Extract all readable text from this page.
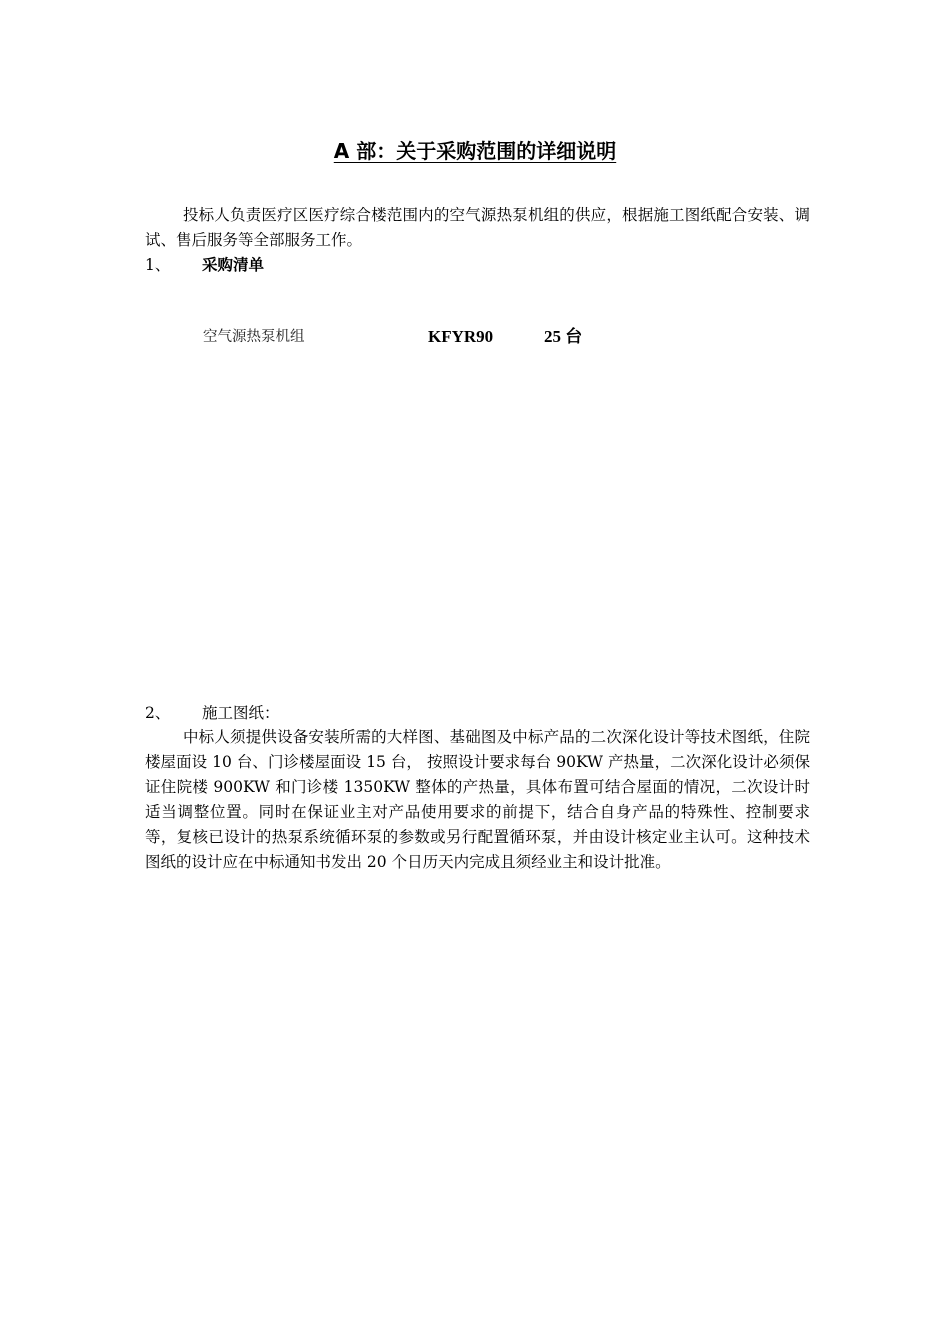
A 部：关于采购范围的详细说明

投标人负责医疗区医疗综合楼范围内的空气源热泵机组的供应，根据施工图纸配合安装、调试、售后服务等全部服务工作。

1、 采购清单
空气源热泵机组	KFYR90	25 台
2、 施工图纸：

中标人须提供设备安装所需的大样图、基础图及中标产品的二次深化设计等技术图纸，住院楼屋面设 10 台、门诊楼屋面设 15 台， 按照设计要求每台 90KW 产热量，二次深化设计必须保证住院楼 900KW 和门诊楼 1350KW 整体的产热量，具体布置可结合屋面的情况，二次设计时适当调整位置。同时在保证业主对产品使用要求的前提下，结合自身产品的特殊性、控制要求等，复核已设计的热泵系统循环泵的参数或另行配置循环泵，并由设计核定业主认可。这种技术图纸的设计应在中标通知书发出 20 个日历天内完成且须经业主和设计批准。
